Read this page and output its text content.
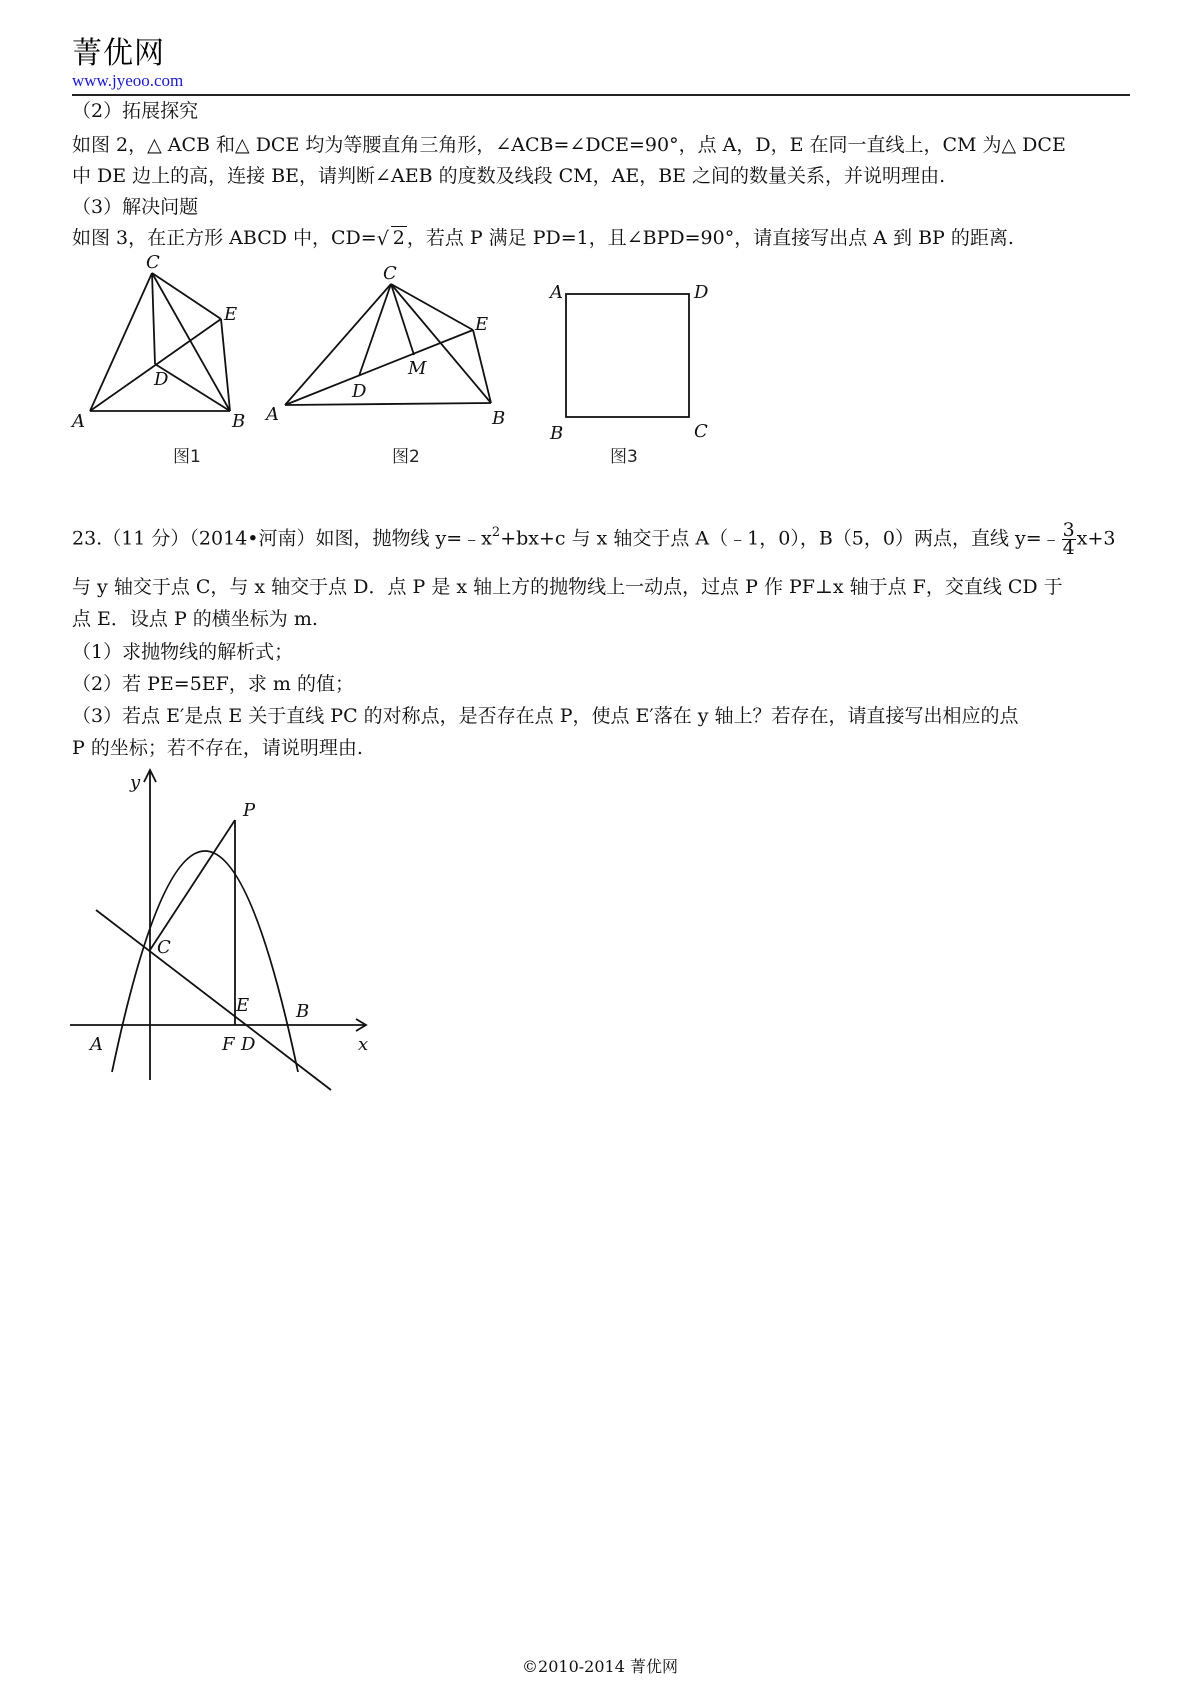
菁优网
www.jyeoo.com
（2）拓展探究
如图 2，△ ACB 和△ DCE 均为等腰直角三角形，∠ACB=∠DCE=90°，点 A，D，E 在同一直线上，CM 为△ DCE
中 DE 边上的高，连接 BE，请判断∠AEB 的度数及线段 CM，AE，BE 之间的数量关系，并说明理由.
（3）解决问题
如图 3，在正方形 ABCD 中，CD= √ 2 ，若点 P 满足 PD=1，且∠BPD=90°，请直接写出点 A 到 BP 的距离.
C
E
D
A	B
C
E
M
D
A	B
A	D
B	C
图1	图2	图3
23.（11 分）（2014•河南）如图，抛物线 $y=﹣x^2+bx+c$ 与 x 轴交于点 A（﹣1，0），B（5，0）两点，直线 y=﹣ $\frac{3}{4} x+3$
与 y 轴交于点 C，与 x 轴交于点 D．点 P 是 x 轴上方的抛物线上一动点，过点 P 作 PF⊥x 轴于点 F，交直线 CD 于
点 E．设点 P 的横坐标为 m.
（1）求抛物线的解析式；
（2）若 PE=5EF，求 m 的值；
（3）若点 E′是点 E 关于直线 PC 的对称点，是否存在点 P，使点 E′落在 y 轴上？若存在，请直接写出相应的点
P 的坐标；若不存在，请说明理由.
y
x
P
C
E	B
A	F D
©2010-2014 菁优网
